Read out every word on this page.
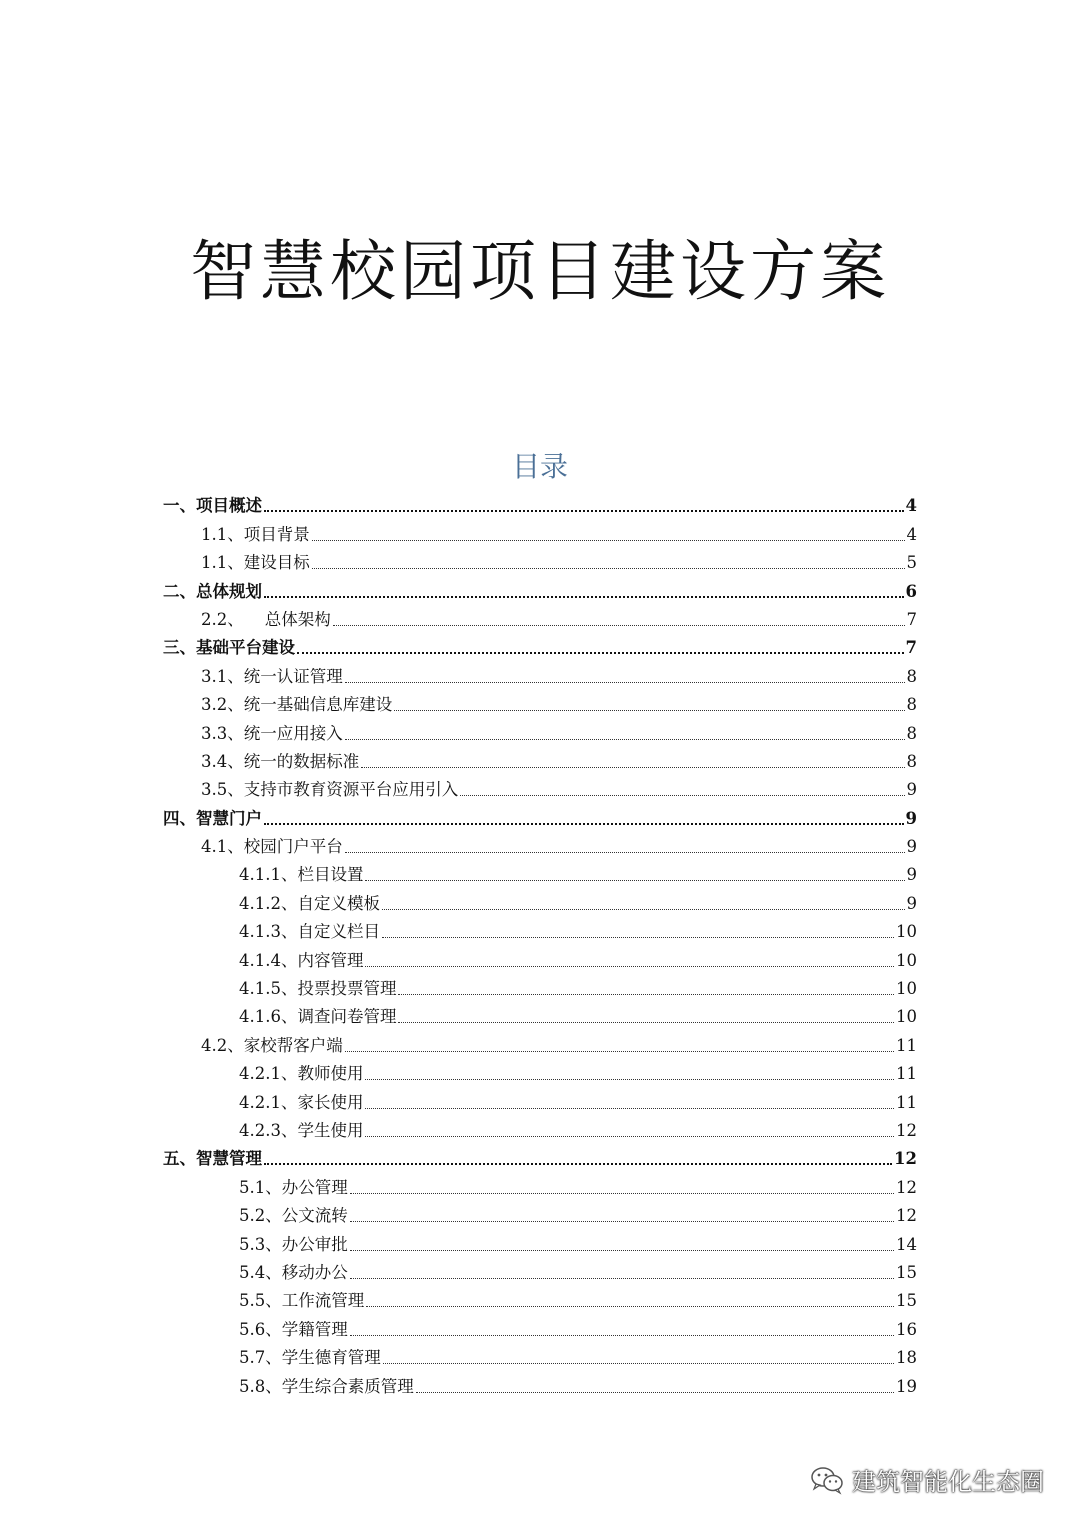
智慧校园项目建设方案
目录
一、项目概述	4
1.1、项目背景	4
1.1、建设目标	5
二、总体规划	6
2.2、    总体架构	7
三、基础平台建设	7
3.1、统一认证管理	8
3.2、统一基础信息库建设	8
3.3、统一应用接入	8
3.4、统一的数据标准	8
3.5、支持市教育资源平台应用引入	9
四、智慧门户	9
4.1、校园门户平台	9
4.1.1、栏目设置	9
4.1.2、自定义模板	9
4.1.3、自定义栏目	10
4.1.4、内容管理	10
4.1.5、投票投票管理	10
4.1.6、调查问卷管理	10
4.2、家校帮客户端	11
4.2.1、教师使用	11
4.2.1、家长使用	11
4.2.3、学生使用	12
五、智慧管理	12
5.1、办公管理	12
5.2、公文流转	12
5.3、办公审批	14
5.4、移动办公	15
5.5、工作流管理	15
5.6、学籍管理	16
5.7、学生德育管理	18
5.8、学生综合素质管理	19
建筑智能化生态圈
